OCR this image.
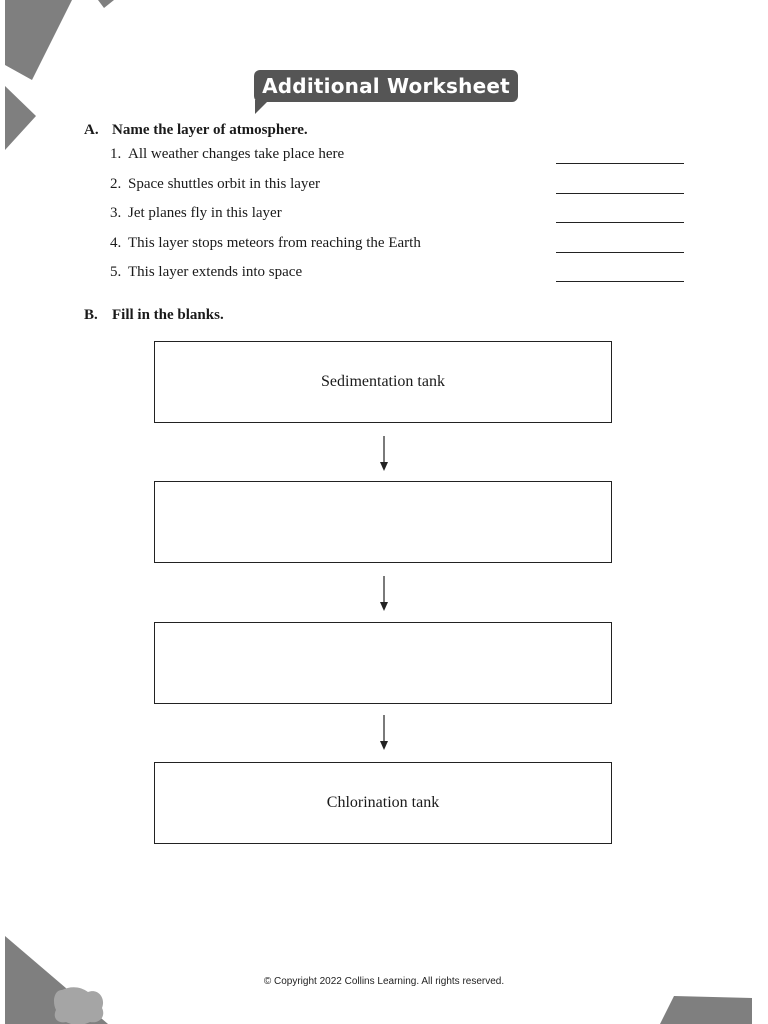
Additional Worksheet 1
A. Name the layer of atmosphere.
1. All weather changes take place here
2. Space shuttles orbit in this layer
3. Jet planes fly in this layer
4. This layer stops meteors from reaching the Earth
5. This layer extends into space
B. Fill in the blanks.
Sedimentation tank
Chlorination tank
© Copyright 2022 Collins Learning. All rights reserved.
